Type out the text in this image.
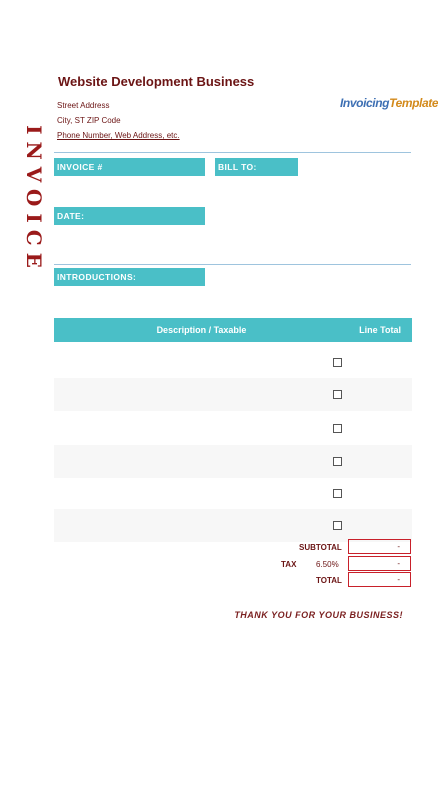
INVOICE
Website Development Business
Street Address
City, ST ZIP Code
Phone Number, Web Address, etc.
InvoicingTemplate
INVOICE #	BILL TO:
DATE:
INTRODUCTIONS:
Description / Taxable	Line Total
SUBTOTAL	-
TAX 6.50%	-
TOTAL	-
THANK YOU FOR YOUR BUSINESS!
